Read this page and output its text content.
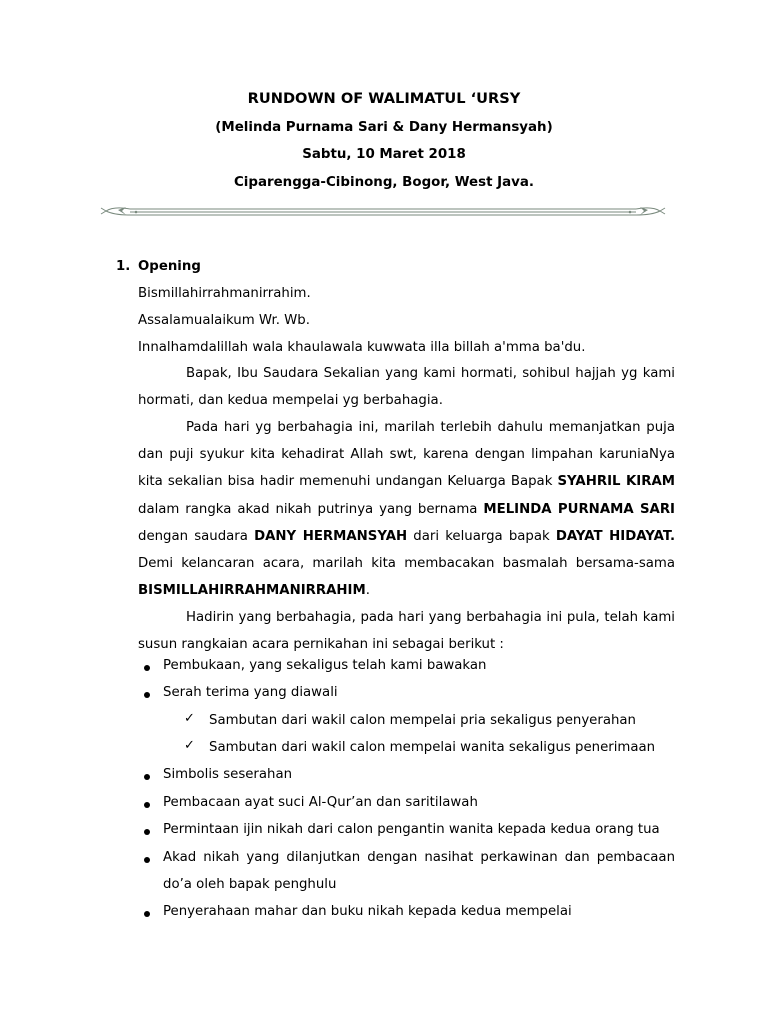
RUNDOWN OF WALIMATUL ‘URSY
(Melinda Purnama Sari & Dany Hermansyah)
Sabtu, 10 Maret 2018
Ciparengga-Cibinong, Bogor, West Java.
1. Opening
Bismillahirrahmanirrahim.
Assalamualaikum Wr. Wb.
Innalhamdalillah wala khaulawala kuwwata illa billah a'mma ba'du.
Bapak, Ibu Saudara Sekalian yang kami hormati, sohibul hajjah yg kami hormati, dan kedua mempelai yg berbahagia.
Pada hari yg berbahagia ini, marilah terlebih dahulu memanjatkan puja dan puji syukur kita kehadirat Allah swt, karena dengan limpahan karuniaNya kita sekalian bisa hadir memenuhi undangan Keluarga Bapak SYAHRIL KIRAM dalam rangka akad nikah putrinya yang bernama MELINDA PURNAMA SARI dengan saudara DANY HERMANSYAH dari keluarga bapak DAYAT HIDAYAT. Demi kelancaran acara, marilah kita membacakan basmalah bersama-sama BISMILLAHIRRAHMANIRRAHIM.
Hadirin yang berbahagia, pada hari yang berbahagia ini pula, telah kami susun rangkaian acara pernikahan ini sebagai berikut :
Pembukaan, yang sekaligus telah kami bawakan
Serah terima yang diawali
✓ Sambutan dari wakil calon mempelai pria sekaligus penyerahan
✓ Sambutan dari wakil calon mempelai wanita sekaligus penerimaan
Simbolis seserahan
Pembacaan ayat suci Al-Qur’an dan saritilawah
Permintaan ijin nikah dari calon pengantin wanita kepada kedua orang tua
Akad nikah yang dilanjutkan dengan nasihat perkawinan dan pembacaan do’a oleh bapak penghulu
Penyerahaan mahar dan buku nikah kepada kedua mempelai
